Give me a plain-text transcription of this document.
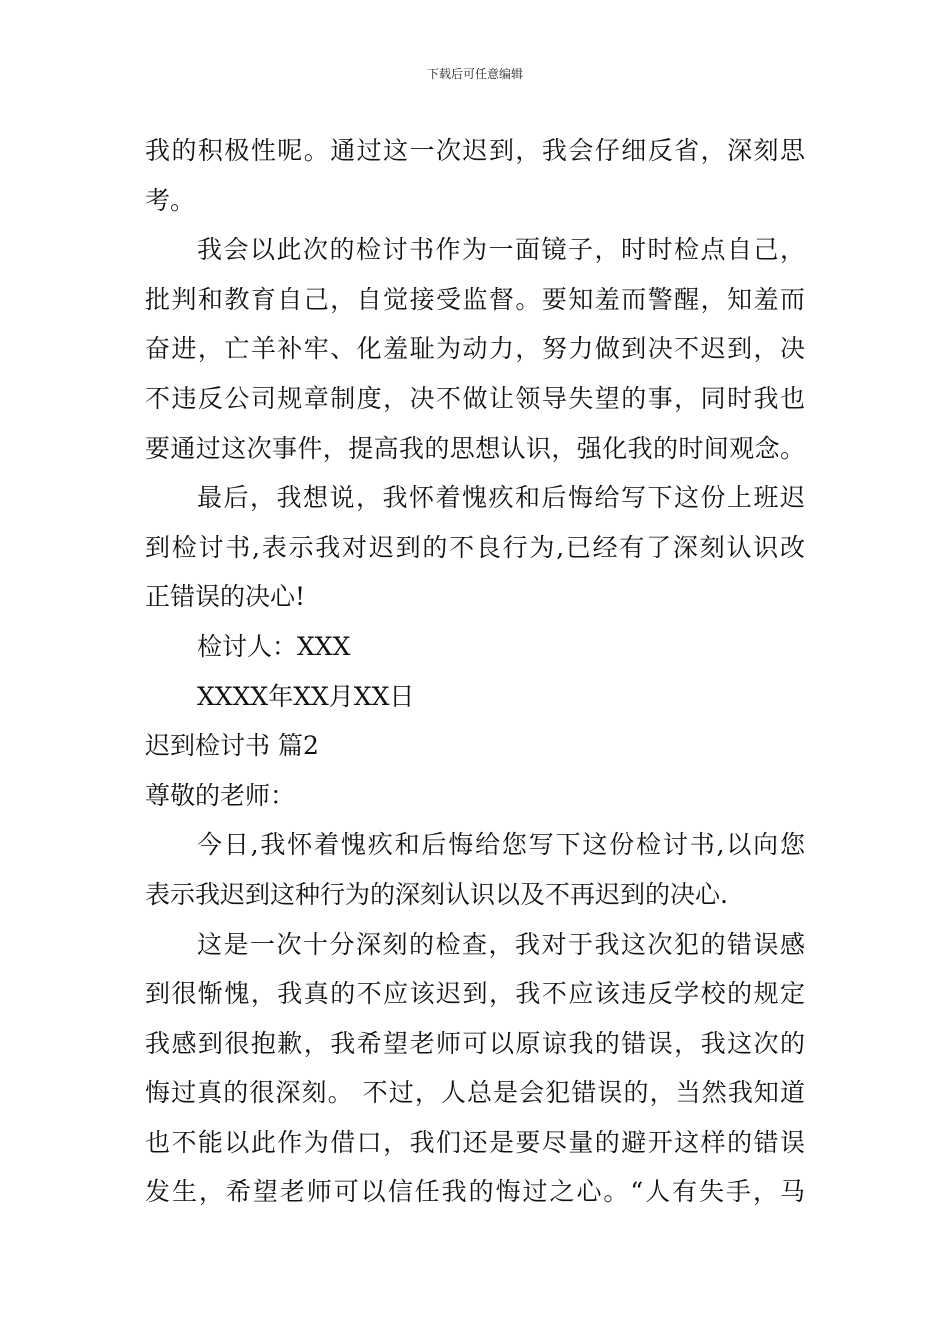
下载后可任意编辑
我的积极性呢。通过这一次迟到，我会仔细反省，深刻思
考。
我会以此次的检讨书作为一面镜子，时时检点自己，
批判和教育自己，自觉接受监督。要知羞而警醒，知羞而
奋进，亡羊补牢、化羞耻为动力，努力做到决不迟到，决
不违反公司规章制度，决不做让领导失望的事，同时我也
要通过这次事件，提高我的思想认识，强化我的时间观念。
最后，我想说，我怀着愧疚和后悔给写下这份上班迟
到检讨书,表示我对迟到的不良行为,已经有了深刻认识改
正错误的决心!
检讨人：XXX
XXXX年XX月XX日
迟到检讨书 篇2
尊敬的老师：
今日,我怀着愧疚和后悔给您写下这份检讨书,以向您
表示我迟到这种行为的深刻认识以及不再迟到的决心.
这是一次十分深刻的检查，我对于我这次犯的错误感
到很惭愧，我真的不应该迟到，我不应该违反学校的规定
我感到很抱歉，我希望老师可以原谅我的错误，我这次的
悔过真的很深刻。 不过，人总是会犯错误的，当然我知道
也不能以此作为借口，我们还是要尽量的避开这样的错误
发生，希望老师可以信任我的悔过之心。“人有失手，马
